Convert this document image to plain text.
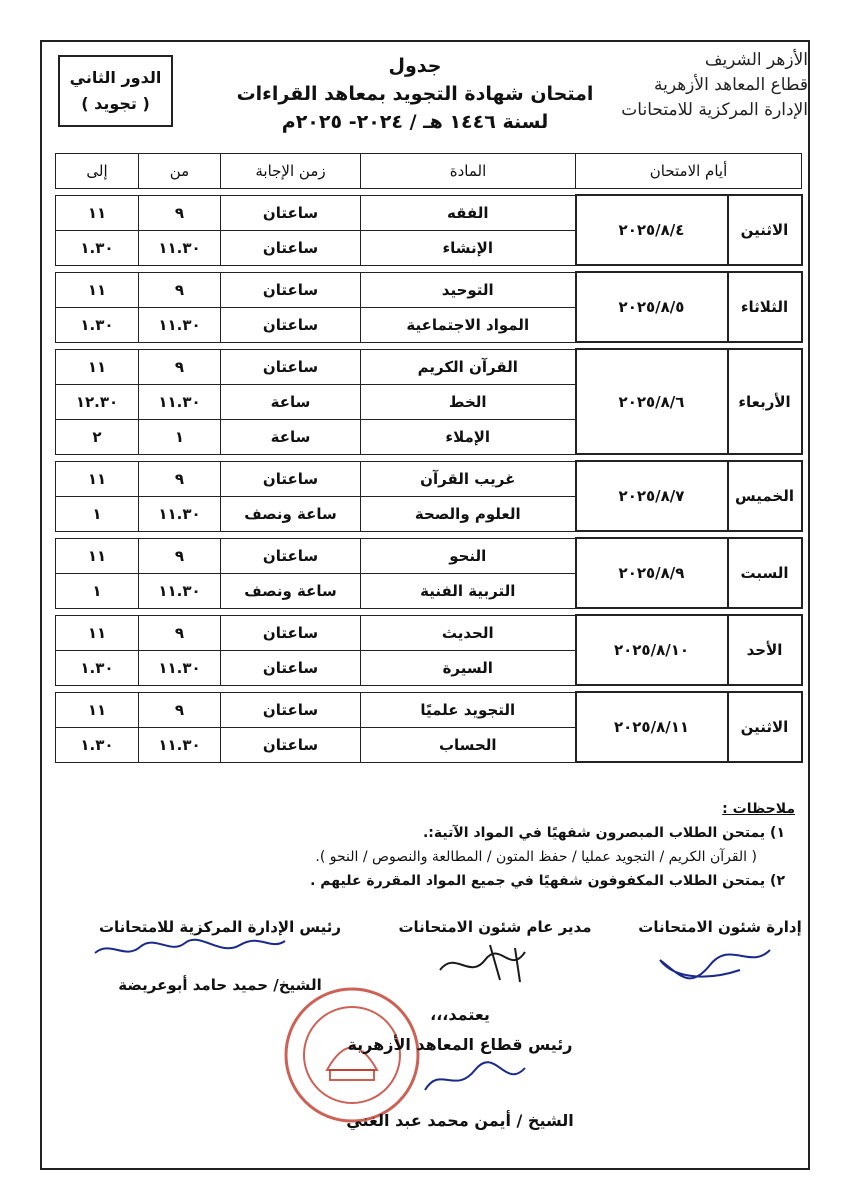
الدور الثاني
( تجويد )
جدول
امتحان شهادة التجويد بمعاهد القراءات
لسنة ١٤٤٦ هـ / ٢٠٢٤- ٢٠٢٥م
الأزهر الشريف
قطاع المعاهد الأزهرية
الإدارة المركزية للامتحانات
أيام الامتحان		المادة	زمن الإجابة	من	إلى

الاثنين	٢٠٢٥/٨/٤	الفقه	ساعتان	٩	١١
		الإنشاء	ساعتان	١١.٣٠	١.٣٠

الثلاثاء	٢٠٢٥/٨/٥	التوحيد	ساعتان	٩	١١
		المواد الاجتماعية	ساعتان	١١.٣٠	١.٣٠

الأربعاء	٢٠٢٥/٨/٦	القرآن الكريم	ساعتان	٩	١١
		الخط	ساعة	١١.٣٠	١٢.٣٠
		الإملاء	ساعة	١	٢

الخميس	٢٠٢٥/٨/٧	غريب القرآن	ساعتان	٩	١١
		العلوم والصحة	ساعة ونصف	١١.٣٠	١

السبت	٢٠٢٥/٨/٩	النحو	ساعتان	٩	١١
		التربية الفنية	ساعة ونصف	١١.٣٠	١

الأحد	٢٠٢٥/٨/١٠	الحديث	ساعتان	٩	١١
		السيرة	ساعتان	١١.٣٠	١.٣٠

الاثنين	٢٠٢٥/٨/١١	التجويد علميًا	ساعتان	٩	١١
		الحساب	ساعتان	١١.٣٠	١.٣٠
ملاحظات :
١) يمتحن الطلاب المبصرون شفهيًا في المواد الآتية:.
( القرآن الكريم / التجويد عمليا / حفظ المتون / المطالعة والنصوص / النحو ).
٢) يمتحن الطلاب المكفوفون شفهيًا في جميع المواد المقررة عليهم .
رئيس الإدارة المركزية للامتحانات
الشيخ/ حميد حامد أبوعريضة
مدير عام شئون الامتحانات	إدارة شئون الامتحانات
يعتمد،،،
رئيس قطاع المعاهد الأزهرية
الشيخ / أيمن محمد عبد الغني
